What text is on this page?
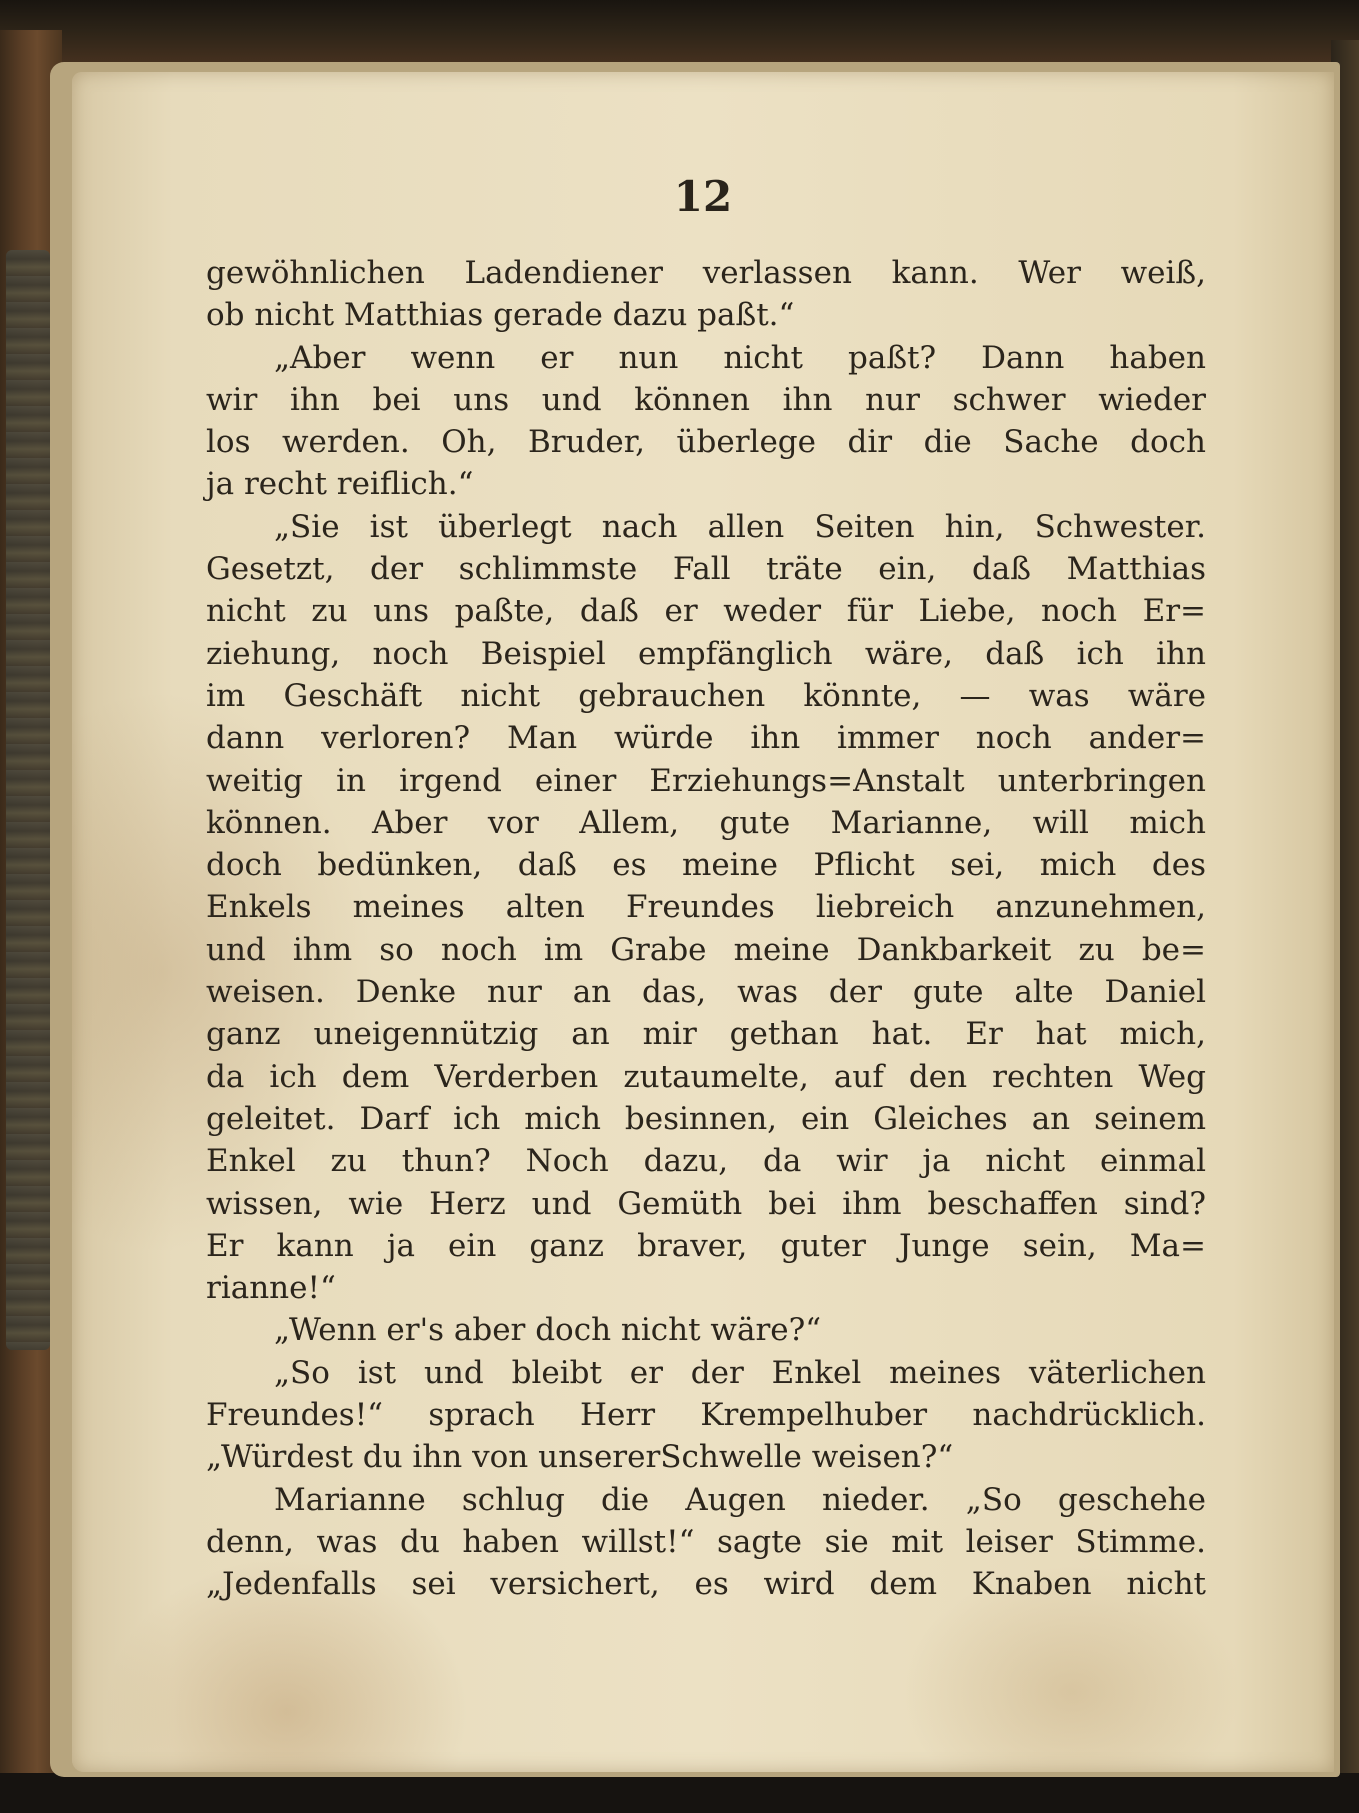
12

gewöhnlichen Ladendiener verlassen kann. Wer weiß,

ob nicht Matthias gerade dazu paßt.“

„Aber wenn er nun nicht paßt? Dann haben

wir ihn bei uns und können ihn nur schwer wieder

los werden. Oh, Bruder, überlege dir die Sache doch

ja recht reiflich.“

„Sie ist überlegt nach allen Seiten hin, Schwester.

Gesetzt, der schlimmste Fall träte ein, daß Matthias

nicht zu uns paßte, daß er weder für Liebe, noch Er=

ziehung, noch Beispiel empfänglich wäre, daß ich ihn

im Geschäft nicht gebrauchen könnte, — was wäre

dann verloren? Man würde ihn immer noch ander=

weitig in irgend einer Erziehungs=Anstalt unterbringen

können. Aber vor Allem, gute Marianne, will mich

doch bedünken, daß es meine Pflicht sei, mich des

Enkels meines alten Freundes liebreich anzunehmen,

und ihm so noch im Grabe meine Dankbarkeit zu be=

weisen. Denke nur an das, was der gute alte Daniel

ganz uneigennützig an mir gethan hat. Er hat mich,

da ich dem Verderben zutaumelte, auf den rechten Weg

geleitet. Darf ich mich besinnen, ein Gleiches an seinem

Enkel zu thun? Noch dazu, da wir ja nicht einmal

wissen, wie Herz und Gemüth bei ihm beschaffen sind?

Er kann ja ein ganz braver, guter Junge sein, Ma=

rianne!“

„Wenn er's aber doch nicht wäre?“

„So ist und bleibt er der Enkel meines väterlichen

Freundes!“ sprach Herr Krempelhuber nachdrücklich.

„Würdest du ihn von unsererSchwelle weisen?“

Marianne schlug die Augen nieder. „So geschehe

denn, was du haben willst!“ sagte sie mit leiser Stimme.

„Jedenfalls sei versichert, es wird dem Knaben nicht
